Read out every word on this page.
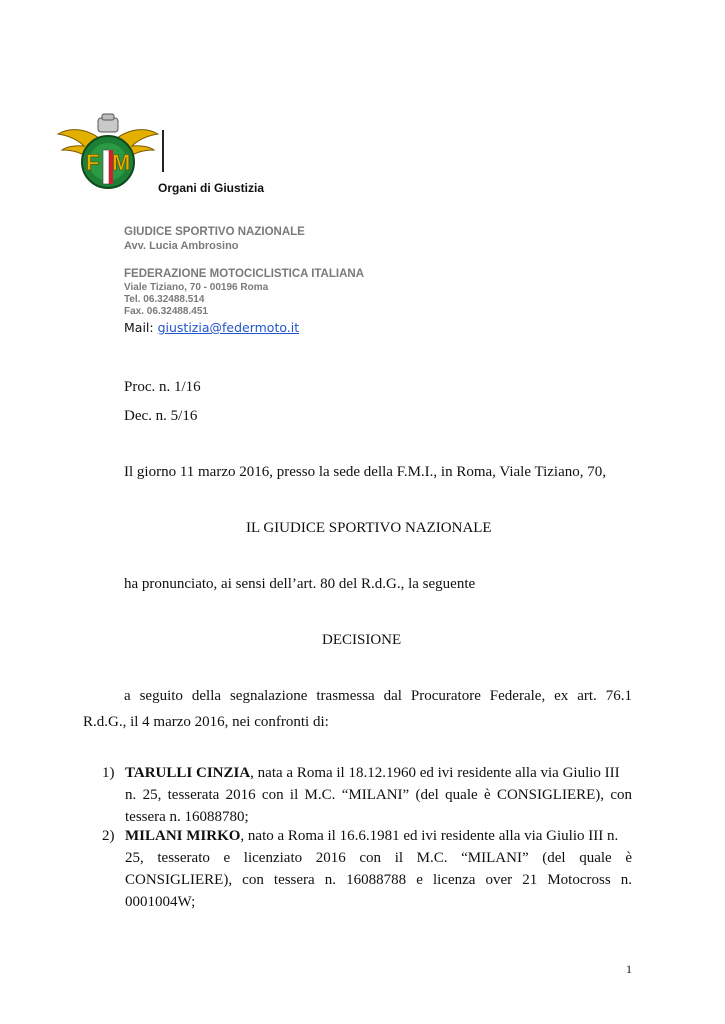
F M
Organi di Giustizia
GIUDICE SPORTIVO NAZIONALE
Avv. Lucia Ambrosino
FEDERAZIONE MOTOCICLISTICA ITALIANA
Viale Tiziano, 70 - 00196 Roma
Tel. 06.32488.514
Fax. 06.32488.451
Mail: giustizia@federmoto.it
Proc. n. 1/16
Dec. n. 5/16
Il giorno 11 marzo 2016, presso la sede della F.M.I., in Roma, Viale Tiziano, 70,
IL GIUDICE SPORTIVO NAZIONALE
ha pronunciato, ai sensi dell’art. 80 del R.d.G., la seguente
DECISIONE
a seguito della segnalazione trasmessa dal Procuratore Federale, ex art. 76.1
R.d.G., il 4 marzo 2016, nei confronti di:
1) TARULLI CINZIA, nata a Roma il 18.12.1960 ed ivi residente alla via Giulio III
n. 25, tesserata 2016 con il M.C. “MILANI” (del quale è CONSIGLIERE), con
tessera n. 16088780;
2) MILANI MIRKO, nato a Roma il 16.6.1981 ed ivi residente alla via Giulio III n.
25, tesserato e licenziato 2016 con il M.C. “MILANI” (del quale è
CONSIGLIERE), con tessera n. 16088788 e licenza over 21 Motocross n.
0001004W;
1
